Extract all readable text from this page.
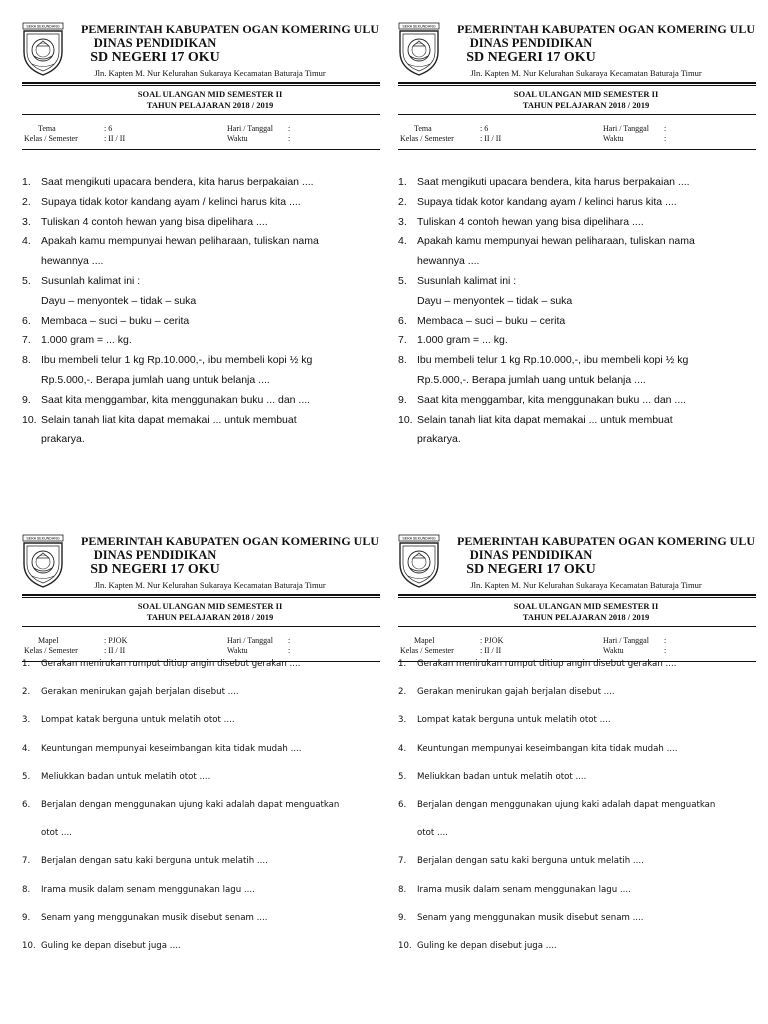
SERA SEKUNDANG	PEMERINTAH KABUPATEN OGAN KOMERING ULU
DINAS PENDIDIKAN
SD NEGERI 17 OKU
Jln. Kapten M. Nur Kelurahan Sukaraya Kecamatan Baturaja Timur
SOAL ULANGAN MID SEMESTER II
TAHUN PELAJARAN 2018 / 2019
Tema	: 6
Kelas / Semester	: II / II
Hari / Tanggal :
Waktu	:
1. Saat mengikuti upacara bendera, kita harus berpakaian ....
2. Supaya tidak kotor kandang ayam / kelinci harus kita ....
3. Tuliskan 4 contoh hewan yang bisa dipelihara ....
4. Apakah kamu mempunyai hewan peliharaan, tuliskan nama
hewannya ....
5. Susunlah kalimat ini :
Dayu – menyontek – tidak – suka
6. Membaca – suci – buku – cerita
7. 1.000 gram = ... kg.
8. Ibu membeli telur 1 kg Rp.10.000,-, ibu membeli kopi ½ kg
Rp.5.000,-. Berapa jumlah uang untuk belanja ....
9. Saat kita menggambar, kita menggunakan buku ... dan ....
10. Selain tanah liat kita dapat memakai ... untuk membuat
prakarya.
SERA SEKUNDANG	PEMERINTAH KABUPATEN OGAN KOMERING ULU
DINAS PENDIDIKAN
SD NEGERI 17 OKU
Jln. Kapten M. Nur Kelurahan Sukaraya Kecamatan Baturaja Timur
SOAL ULANGAN MID SEMESTER II
TAHUN PELAJARAN 2018 / 2019
Tema	: 6
Kelas / Semester	: II / II
Hari / Tanggal :
Waktu	:
1. Saat mengikuti upacara bendera, kita harus berpakaian ....
2. Supaya tidak kotor kandang ayam / kelinci harus kita ....
3. Tuliskan 4 contoh hewan yang bisa dipelihara ....
4. Apakah kamu mempunyai hewan peliharaan, tuliskan nama
hewannya ....
5. Susunlah kalimat ini :
Dayu – menyontek – tidak – suka
6. Membaca – suci – buku – cerita
7. 1.000 gram = ... kg.
8. Ibu membeli telur 1 kg Rp.10.000,-, ibu membeli kopi ½ kg
Rp.5.000,-. Berapa jumlah uang untuk belanja ....
9. Saat kita menggambar, kita menggunakan buku ... dan ....
10. Selain tanah liat kita dapat memakai ... untuk membuat
prakarya.
SERA SEKUNDANG	PEMERINTAH KABUPATEN OGAN KOMERING ULU
DINAS PENDIDIKAN
SD NEGERI 17 OKU
Jln. Kapten M. Nur Kelurahan Sukaraya Kecamatan Baturaja Timur
SOAL ULANGAN MID SEMESTER II
TAHUN PELAJARAN 2018 / 2019
Mapel	: PJOK
Kelas / Semester	: II / II
Hari / Tanggal :
Waktu	:
1.	Gerakan menirukan rumput ditiup angin disebut gerakan ....
2.	Gerakan menirukan gajah berjalan disebut ....
3.	Lompat katak berguna untuk melatih otot ....
4.	Keuntungan mempunyai keseimbangan kita tidak mudah ....
5.	Meliukkan badan untuk melatih otot ....
6.	Berjalan dengan menggunakan ujung kaki adalah dapat menguatkan
otot ....
7.	Berjalan dengan satu kaki berguna untuk melatih ....
8.	Irama musik dalam senam menggunakan lagu ....
9.	Senam yang menggunakan musik disebut senam ....
10. Guling ke depan disebut juga ....
SERA SEKUNDANG	PEMERINTAH KABUPATEN OGAN KOMERING ULU
DINAS PENDIDIKAN
SD NEGERI 17 OKU
Jln. Kapten M. Nur Kelurahan Sukaraya Kecamatan Baturaja Timur
SOAL ULANGAN MID SEMESTER II
TAHUN PELAJARAN 2018 / 2019
Mapel	: PJOK
Kelas / Semester	: II / II
Hari / Tanggal :
Waktu	:
1.	Gerakan menirukan rumput ditiup angin disebut gerakan ....
2.	Gerakan menirukan gajah berjalan disebut ....
3.	Lompat katak berguna untuk melatih otot ....
4.	Keuntungan mempunyai keseimbangan kita tidak mudah ....
5.	Meliukkan badan untuk melatih otot ....
6.	Berjalan dengan menggunakan ujung kaki adalah dapat menguatkan
otot ....
7.	Berjalan dengan satu kaki berguna untuk melatih ....
8.	Irama musik dalam senam menggunakan lagu ....
9.	Senam yang menggunakan musik disebut senam ....
10. Guling ke depan disebut juga ....
